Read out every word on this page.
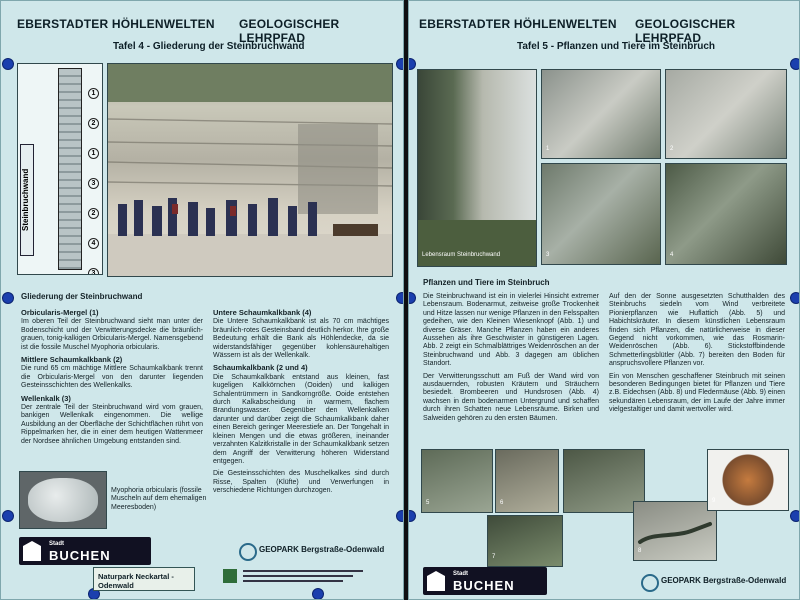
EBERSTADTER HÖHLENWELTEN GEOLOGISCHER LEHRPFAD
Tafel 4 - Gliederung der Steinbruchwand
Steinbruchwand
1
2
1
3
2
4
3
Gliederung der Steinbruchwand
Orbicularis-Mergel (1)

Im oberen Teil der Steinbruchwand sieht man unter der Bodenschicht und der Verwitterungsdecke die bräunlich-grauen, tonig-kalkigen Orbicularis-Mergel. Namensgebend ist die fossile Muschel Myophoria orbicularis.

Mittlere Schaumkalkbank (2)

Die rund 65 cm mächtige Mittlere Schaumkalkbank trennt die Orbicularis-Mergel von den darunter liegenden Gesteinsschichten des Wellenkalks.

Wellenkalk (3)

Der zentrale Teil der Steinbruchwand wird vom grauen, bankigen Wellenkalk eingenommen. Die wellige Ausbildung an der Oberfläche der Schichtflächen rührt von Rippelmarken her, die in einer dem heutigen Wattenmeer der Nordsee ähnlichen Umgebung entstanden sind.

Untere Schaumkalkbank (4)

Die Untere Schaumkalkbank ist als 70 cm mächtiges bräunlich-rotes Gesteinsband deutlich herkor. Ihre große Bedeutung erhält die Bank als Höhlendecke, da sie widerstandsfähiger gegenüber kohlensäurehaltigen Wässern ist als der Wellenkalk.

Schaumkalkbank (2 und 4)

Die Schaumkalkbank entstand aus kleinen, fast kugeligen Kalkkörnchen (Ooiden) und kalkigen Schalentrümmern in Sandkorngröße. Ooide entstehen durch Kalkabscheidung in warmem, flachem Brandungswasser. Gegenüber den Wellenkalken darunter und darüber zeigt die Schaumkalkbank daher einen Bereich geringer Meerestiefe an. Der Tongehalt in kleinen Mengen und die etwas größeren, ineinander verzahnten Kalzitkristalle in der Schaumkalkbank setzen dem Angriff der Verwitterung höheren Widerstand entgegen.

Die Gesteinsschichten des Muschelkalkes sind durch Risse, Spalten (Klüfte) und Verwerfungen in verschiedene Richtungen durchzogen.

Myophoria orbicularis (fossile Muscheln auf dem ehemaligen Meeresboden)
Stadt
BUCHEN	GEOPARK Bergstraße-Odenwald
Naturpark Neckartal - Odenwald
EBERSTADTER HÖHLENWELTEN GEOLOGISCHER LEHRPFAD
Tafel 5 - Pflanzen und Tiere im Steinbruch
Lebensraum Steinbruchwand
1	2
3	4
Pflanzen und Tiere im Steinbruch

Die Steinbruchwand ist ein in vielerlei Hinsicht extremer Lebensraum. Bodenarmut, zeitweise große Trockenheit und Hitze lassen nur wenige Pflanzen in den Felsspalten gedeihen, wie den Kleinen Wiesenknopf (Abb. 1) und diverse Gräser. Manche Pflanzen haben ein anderes Aussehen als ihre Geschwister in günstigeren Lagen. Abb. 2 zeigt ein Schmalblättriges Weidenröschen an der Steinbruchwand und Abb. 3 dagegen am üblichen Standort.

Der Verwitterungsschutt am Fuß der Wand wird von ausdauernden, robusten Kräutern und Sträuchern besiedelt. Brombeeren und Hundsrosen (Abb. 4) wachsen in dem bodenarmen Untergrund und schaffen durch ihren Schatten neue Lebensräume. Birken und Salweiden gehören zu den ersten Bäumen.

Auf den der Sonne ausgesetzten Schutthalden des Steinbruchs siedeln vom Wind verbreitete Pionierpflanzen wie Huflattich (Abb. 5) und Habichtskräuter. In diesem künstlichen Lebensraum finden sich Pflanzen, die natürlicherweise in dieser Gegend nicht vorkommen, wie das Rosmarin-Weidenröschen (Abb. 6). Stickstoffbindende Schmetterlingsblütler (Abb. 7) bereiten den Boden für anspruchsvollere Pflanzen vor.

Ein von Menschen geschaffener Steinbruch mit seinen besonderen Bedingungen bietet für Pflanzen und Tiere z.B. Eidechsen (Abb. 8) und Fledermäuse (Abb. 9) einen sekundären Lebensraum, der im Laufe der Jahre immer vielgestaltiger und damit wertvoller wird.

5	6
7
8
9
Stadt
BUCHEN	GEOPARK Bergstraße-Odenwald
